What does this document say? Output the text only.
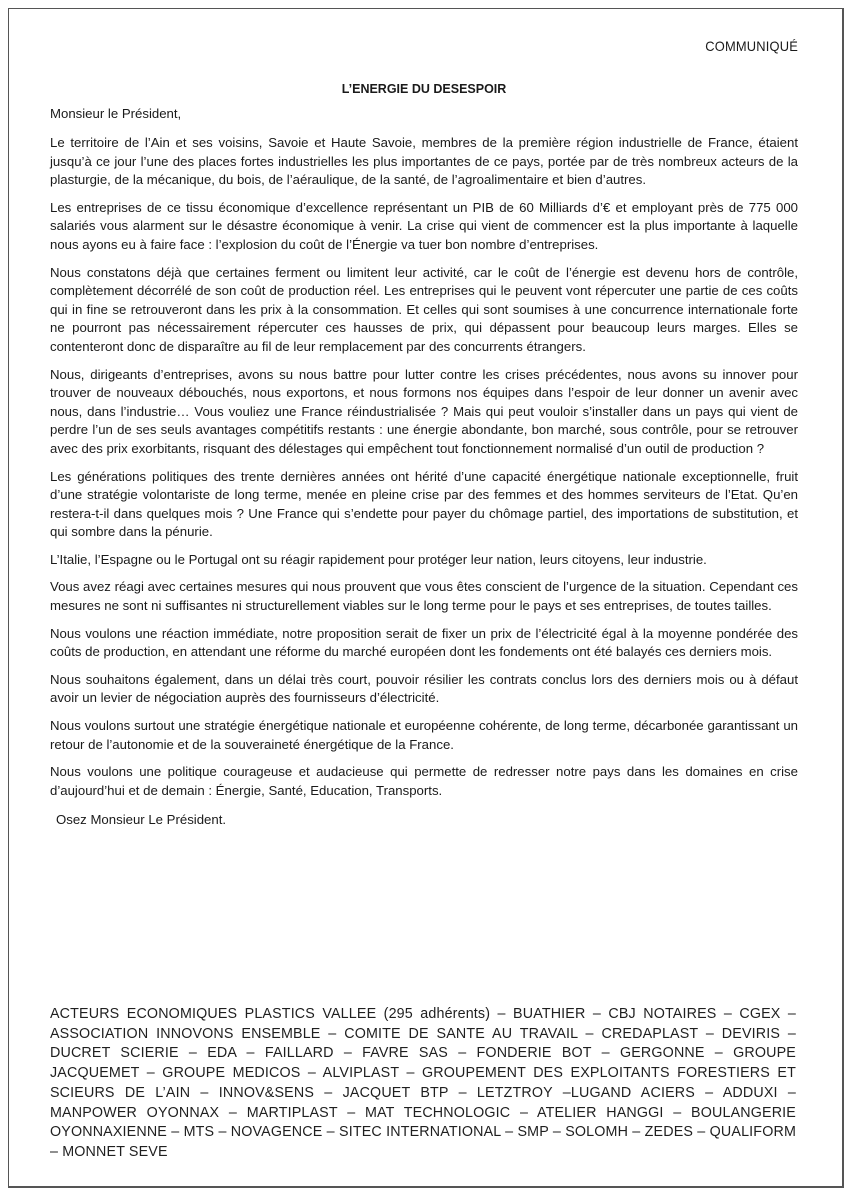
COMMUNIQUÉ
L’ENERGIE DU DESESPOIR
Monsieur le Président,

Le territoire de l’Ain et ses voisins, Savoie et Haute Savoie, membres de la première région industrielle de France, étaient jusqu’à ce jour l’une des places fortes industrielles les plus importantes de ce pays, portée par de très nombreux acteurs de la plasturgie, de la mécanique, du bois, de l’aéraulique, de la santé, de l’agroalimentaire et bien d’autres.

Les entreprises de ce tissu économique d’excellence représentant un PIB de 60 Milliards d’€ et employant près de 775 000 salariés vous alarment sur le désastre économique à venir. La crise qui vient de commencer est la plus importante à laquelle nous ayons eu à faire face : l’explosion du coût de l’Énergie va tuer bon nombre d’entreprises.

Nous constatons déjà que certaines ferment ou limitent leur activité, car le coût de l’énergie est devenu hors de contrôle, complètement décorrélé de son coût de production réel. Les entreprises qui le peuvent vont répercuter une partie de ces coûts qui in fine se retrouveront dans les prix à la consommation. Et celles qui sont soumises à une concurrence internationale forte ne pourront pas nécessairement répercuter ces hausses de prix, qui dépassent pour beaucoup leurs marges. Elles se contenteront donc de disparaître au fil de leur remplacement par des concurrents étrangers.

Nous, dirigeants d’entreprises, avons su nous battre pour lutter contre les crises précédentes, nous avons su innover pour trouver de nouveaux débouchés, nous exportons, et nous formons nos équipes dans l’espoir de leur donner un avenir avec nous, dans l’industrie… Vous vouliez une France réindustrialisée ? Mais qui peut vouloir s’installer dans un pays qui vient de perdre l’un de ses seuls avantages compétitifs restants : une énergie abondante, bon marché, sous contrôle, pour se retrouver avec des prix exorbitants, risquant des délestages qui empêchent tout fonctionnement normalisé d’un outil de production ?

Les générations politiques des trente dernières années ont hérité d’une capacité énergétique nationale exceptionnelle, fruit d’une stratégie volontariste de long terme, menée en pleine crise par des femmes et des hommes serviteurs de l’Etat. Qu’en restera-t-il dans quelques mois ? Une France qui s’endette pour payer du chômage partiel, des importations de substitution, et qui sombre dans la pénurie.

L’Italie, l’Espagne ou le Portugal ont su réagir rapidement pour protéger leur nation, leurs citoyens, leur industrie.

Vous avez réagi avec certaines mesures qui nous prouvent que vous êtes conscient de l’urgence de la situation. Cependant ces mesures ne sont ni suffisantes ni structurellement viables sur le long terme pour le pays et ses entreprises, de toutes tailles.

Nous voulons une réaction immédiate, notre proposition serait de fixer un prix de l’électricité égal à la moyenne pondérée des coûts de production, en attendant une réforme du marché européen dont les fondements ont été balayés ces derniers mois.

Nous souhaitons également, dans un délai très court, pouvoir résilier les contrats conclus lors des derniers mois ou à défaut avoir un levier de négociation auprès des fournisseurs d’électricité.

Nous voulons surtout une stratégie énergétique nationale et européenne cohérente, de long terme, décarbonée garantissant un retour de l’autonomie et de la souveraineté énergétique de la France.

Nous voulons une politique courageuse et audacieuse qui permette de redresser notre pays dans les domaines en crise d’aujourd’hui et de demain : Énergie, Santé, Education, Transports.

Osez Monsieur Le Président.
ACTEURS ECONOMIQUES PLASTICS VALLEE (295 adhérents) – BUATHIER – CBJ NOTAIRES – CGEX – ASSOCIATION INNOVONS ENSEMBLE – COMITE DE SANTE AU TRAVAIL – CREDAPLAST – DEVIRIS – DUCRET SCIERIE – EDA – FAILLARD – FAVRE SAS – FONDERIE BOT – GERGONNE – GROUPE JACQUEMET – GROUPE MEDICOS – ALVIPLAST – GROUPEMENT DES EXPLOITANTS FORESTIERS ET SCIEURS DE L’AIN – INNOV&SENS – JACQUET BTP – LETZTROY –LUGAND ACIERS – ADDUXI – MANPOWER OYONNAX – MARTIPLAST – MAT TECHNOLOGIC – ATELIER HANGGI – BOULANGERIE OYONNAXIENNE – MTS – NOVAGENCE – SITEC INTERNATIONAL – SMP – SOLOMH – ZEDES – QUALIFORM – MONNET SEVE
